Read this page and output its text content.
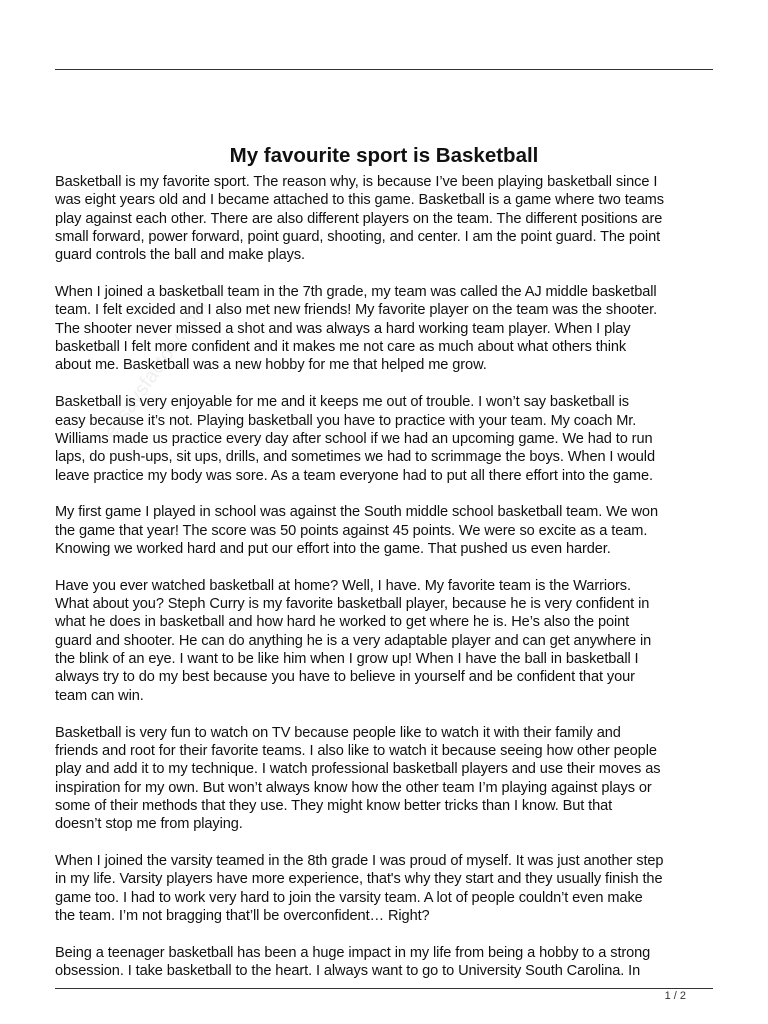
essaysfactory.com
My favourite sport is Basketball

Basketball is my favorite sport. The reason why, is because I’ve been playing basketball since I
was eight years old and I became attached to this game. Basketball is a game where two teams
play against each other. There are also different players on the team. The different positions are
small forward, power forward, point guard, shooting, and center. I am the point guard. The point
guard controls the ball and make plays.

When I joined a basketball team in the 7th grade, my team was called the AJ middle basketball
team. I felt excided and I also met new friends! My favorite player on the team was the shooter.
The shooter never missed a shot and was always a hard working team player. When I play
basketball I felt more confident and it makes me not care as much about what others think
about me. Basketball was a new hobby for me that helped me grow.

Basketball is very enjoyable for me and it keeps me out of trouble. I won’t say basketball is
easy because it’s not. Playing basketball you have to practice with your team. My coach Mr.
Williams made us practice every day after school if we had an upcoming game. We had to run
laps, do push-ups, sit ups, drills, and sometimes we had to scrimmage the boys. When I would
leave practice my body was sore. As a team everyone had to put all there effort into the game.

My first game I played in school was against the South middle school basketball team. We won
the game that year! The score was 50 points against 45 points. We were so excite as a team.
Knowing we worked hard and put our effort into the game. That pushed us even harder.

Have you ever watched basketball at home? Well, I have. My favorite team is the Warriors.
What about you? Steph Curry is my favorite basketball player, because he is very confident in
what he does in basketball and how hard he worked to get where he is. He’s also the point
guard and shooter. He can do anything he is a very adaptable player and can get anywhere in
the blink of an eye. I want to be like him when I grow up! When I have the ball in basketball I
always try to do my best because you have to believe in yourself and be confident that your
team can win.

Basketball is very fun to watch on TV because people like to watch it with their family and
friends and root for their favorite teams. I also like to watch it because seeing how other people
play and add it to my technique. I watch professional basketball players and use their moves as
inspiration for my own. But won’t always know how the other team I’m playing against plays or
some of their methods that they use. They might know better tricks than I know. But that
doesn’t stop me from playing.

When I joined the varsity teamed in the 8th grade I was proud of myself. It was just another step
in my life. Varsity players have more experience, that's why they start and they usually finish the
game too. I had to work very hard to join the varsity team. A lot of people couldn’t even make
the team. I’m not bragging that’ll be overconfident… Right?

Being a teenager basketball has been a huge impact in my life from being a hobby to a strong
obsession. I take basketball to the heart. I always want to go to University South Carolina. In

1 / 2
